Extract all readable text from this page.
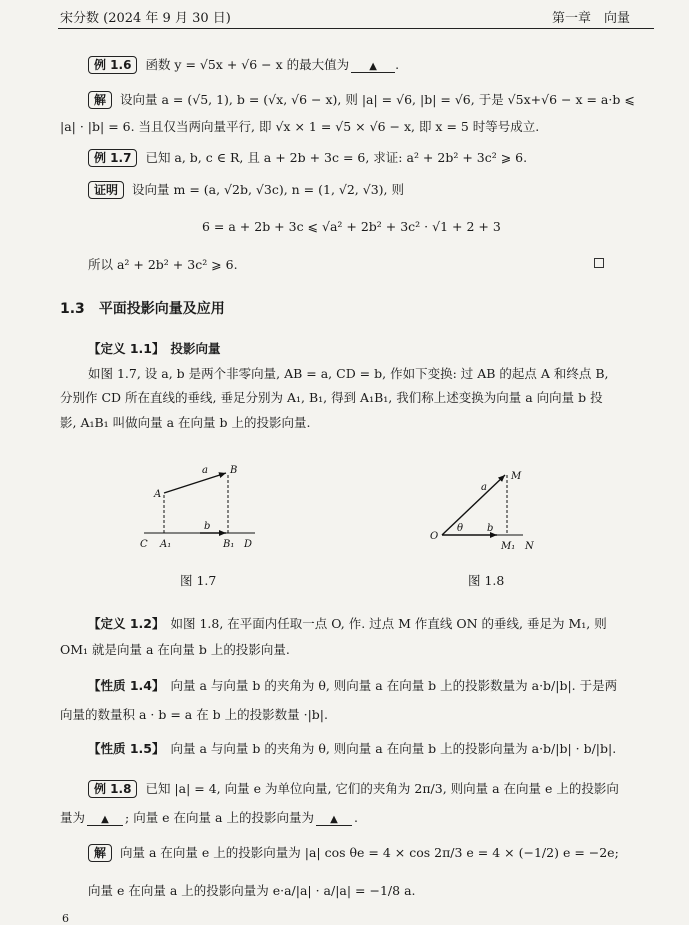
宋分数 (2024 年 9 月 30 日)	第一章　向量
例 1.6 函数 y = √5x + √6 − x 的最大值为 ▲ .
解 设向量 a = (√5, 1), b = (√x, √6 − x), 则 |a| = √6, |b| = √6, 于是 √5x+√6 − x = a·b ⩽
|a| · |b| = 6. 当且仅当两向量平行, 即 √x × 1 = √5 × √6 − x, 即 x = 5 时等号成立.
例 1.7 已知 a, b, c ∈ R, 且 a + 2b + 3c = 6, 求证: a² + 2b² + 3c² ⩾ 6.
证明 设向量 m = (a, √2b, √3c), n = (1, √2, √3), 则
6 = a + 2b + 3c ⩽ √a² + 2b² + 3c² · √1 + 2 + 3
所以 a² + 2b² + 3c² ⩾ 6.
1.3 平面投影向量及应用
【定义 1.1】 投影向量
如图 1.7, 设 a, b 是两个非零向量, AB = a, CD = b, 作如下变换: 过 AB 的起点 A 和终点 B,
分别作 CD 所在直线的垂线, 垂足分别为 A₁, B₁, 得到 A₁B₁, 我们称上述变换为向量 a 向向量 b 投
影, A₁B₁ 叫做向量 a 在向量 b 上的投影向量.
A
B
a
b
C A₁	B₁ D
图 1.7
O
M
a
b
θ
M₁ N
图 1.8
【定义 1.2】 如图 1.8, 在平面内任取一点 O, 作. 过点 M 作直线 ON 的垂线, 垂足为 M₁, 则
OM₁ 就是向量 a 在向量 b 上的投影向量.
【性质 1.4】 向量 a 与向量 b 的夹角为 θ, 则向量 a 在向量 b 上的投影数量为 a·b/|b|. 于是两
向量的数量积 a · b = a 在 b 上的投影数量 ·|b|.
【性质 1.5】 向量 a 与向量 b 的夹角为 θ, 则向量 a 在向量 b 上的投影向量为 a·b/|b| · b/|b|.
例 1.8 已知 |a| = 4, 向量 e 为单位向量, 它们的夹角为 2π/3, 则向量 a 在向量 e 上的投影向
量为 ▲ ; 向量 e 在向量 a 上的投影向量为 ▲ .
解 向量 a 在向量 e 上的投影向量为 |a| cos θe = 4 × cos 2π/3 e = 4 × (−1/2) e = −2e;
向量 e 在向量 a 上的投影向量为 e·a/|a| · a/|a| = −1/8 a.
6
